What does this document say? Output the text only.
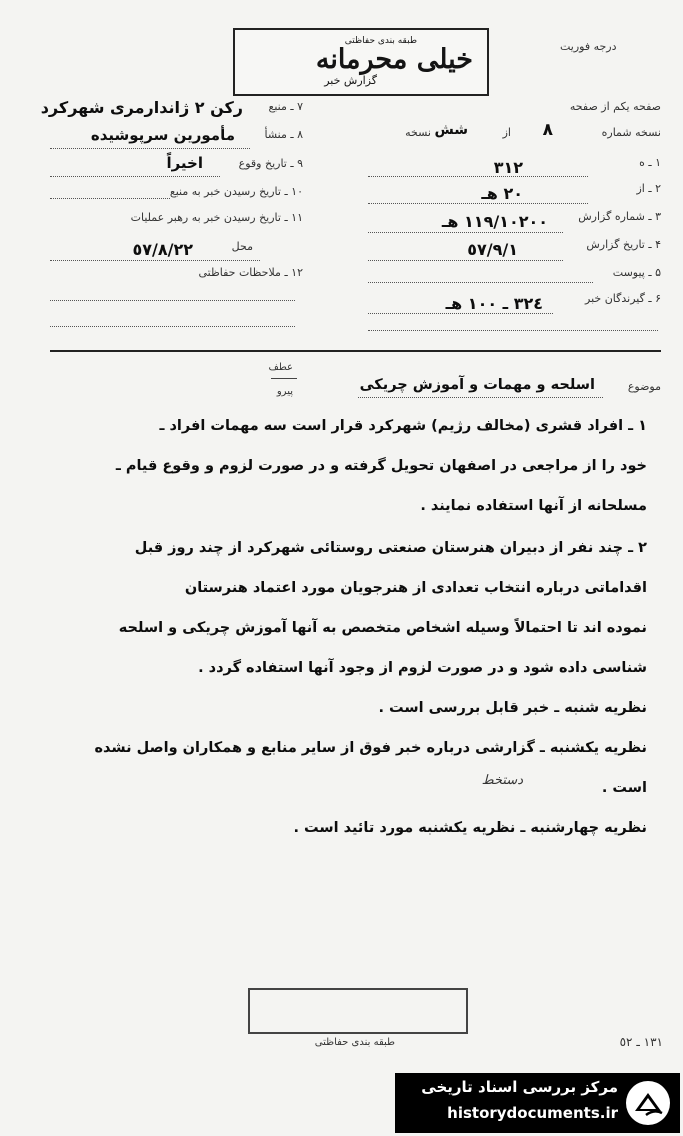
درجه فوریت
طبقه بندی حفاظتی
خیلی محرمانه
گزارش خبر
صفحه یکم از صفحه
نسخه شماره
٨
از
شش
نسخه
۱ ـ ه
٣١٢
۲ ـ از
٢٠ هـ
۳ ـ شماره گزارش
١١٩/١٠٢٠٠ هـ
۴ ـ تاریخ گزارش
٥٧/٩/١
۵ ـ پیوست
۶ ـ گیرندگان خبر
٣٢٤ ـ ١٠٠ هـ
۷ ـ منبع
رکن ٢ ژاندارمری شهرکرد
۸ ـ منشأ
مأمورین سرپوشیده
۹ ـ تاریخ وقوع
اخیراً
۱۰ ـ تاریخ رسیدن خبر به منبع
۱۱ ـ تاریخ رسیدن خبر به رهبر عملیات
محل
٥٧/٨/٢٢
۱۲ ـ ملاحظات حفاظتی
موضوع
اسلحه و مهمات و آموزش چریکی
عطف
پیرو
١ ـ افراد قشری (مخالف رژیم) شهرکرد قرار است سه مهمات افراد ـ
خود را از مراجعی در اصفهان تحویل گرفته و در صورت لزوم و وقوع قیام ـ
مسلحانه از آنها استفاده نمایند .
٢ ـ چند نفر از دبیران هنرستان صنعتی روستائی شهرکرد از چند روز قبل
اقداماتی درباره انتخاب تعدادی از هنرجویان مورد اعتماد هنرستان
نموده اند تا احتمالاً وسیله اشخاص متخصص به آنها آموزش چریکی و اسلحه
شناسی داده شود و در صورت لزوم از وجود آنها استفاده گردد .
نظریه شنبه ـ خبر قابل بررسی است .
نظریه یکشنبه ـ گزارشی درباره خبر فوق از سایر منابع و همکاران واصل نشده
است .
دستخط
نظریه چهارشنبه ـ نظریه یکشنبه مورد تائید است .
طبقه بندی حفاظتی	١٣١ ـ ٥٢
مرکز بررسی اسناد تاریخی
historydocuments.ir
